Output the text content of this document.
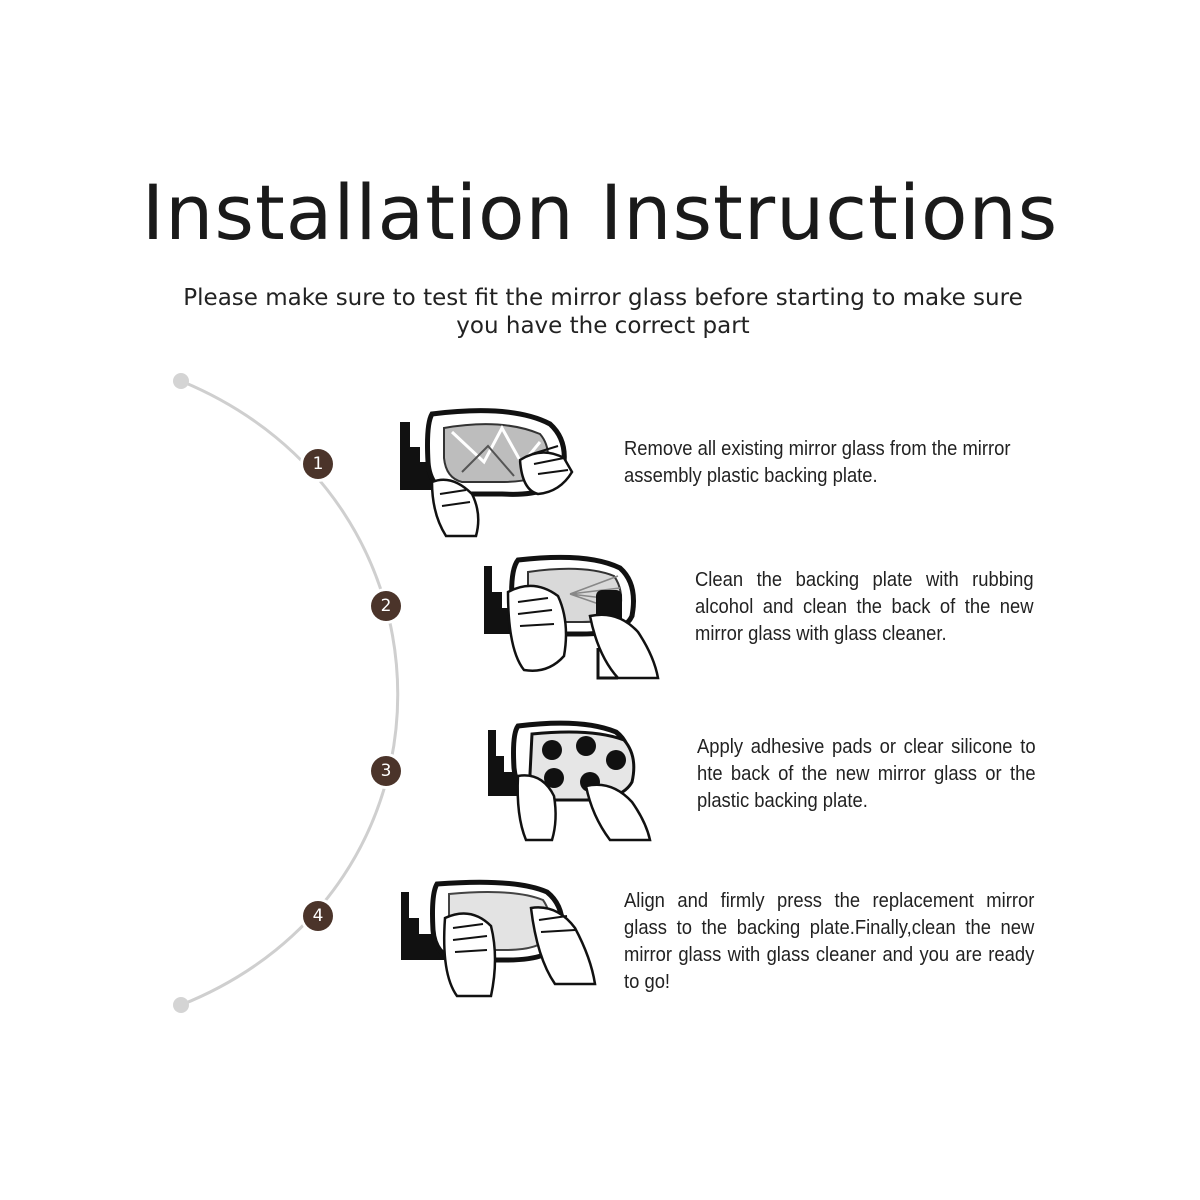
Installation Instructions

Please make sure to test fit the mirror glass before starting to make sure you have the correct part

1
2
3
4

Remove all existing mirror glass from the mirror assembly plastic backing plate.

Clean the backing plate with rubbing alcohol and clean the back of the new mirror glass with glass cleaner.

Apply adhesive pads or clear silicone to hte back of the new mirror glass or the plastic backing plate.

Align and firmly press the replacement mirror glass to the backing plate.Finally,clean the new mirror glass with glass cleaner and you are ready to go!
